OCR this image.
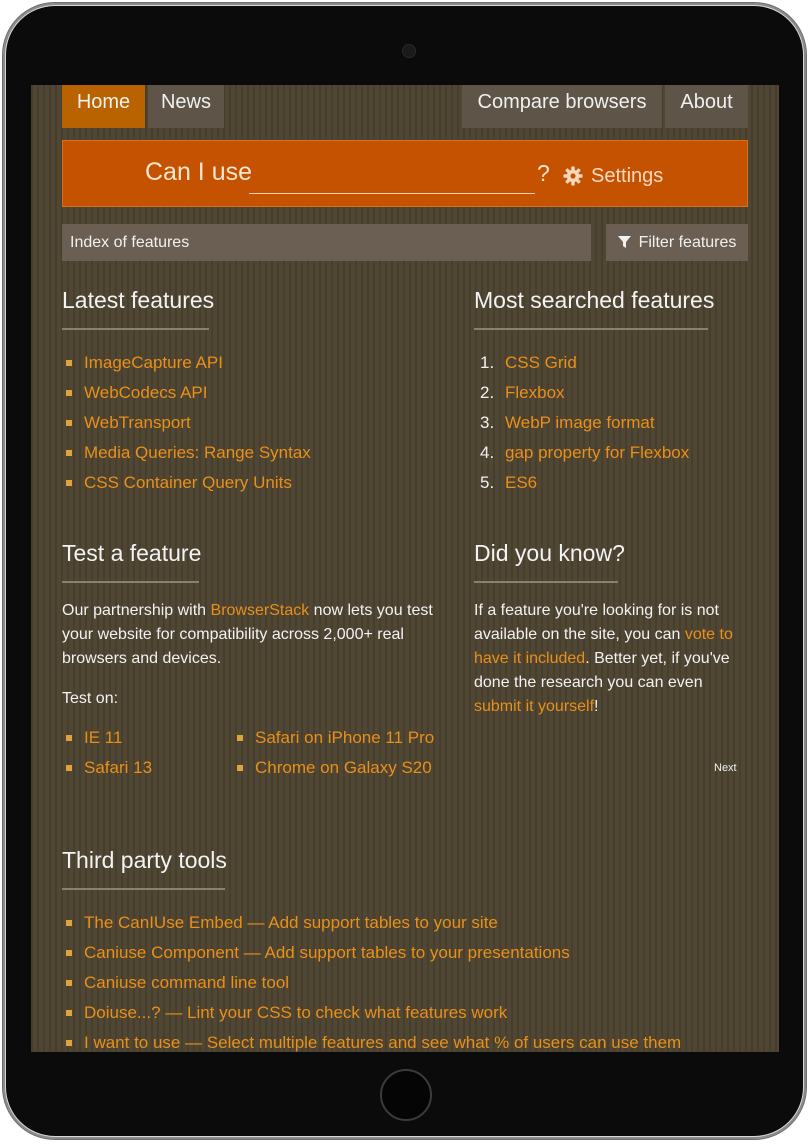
Home	News	Compare browsers	About
Can I use	? Settings
Index of features	Filter features
Latest features
ImageCapture API
WebCodecs API
WebTransport
Media Queries: Range Syntax
CSS Container Query Units
Most searched features
1. CSS Grid
2. Flexbox
3. WebP image format
4. gap property for Flexbox
5. ES6
Test a feature
Our partnership with BrowserStack now lets you test your website for compatibility across 2,000+ real browsers and devices.
Test on:
IE 11
Safari 13
Safari on iPhone 11 Pro
Chrome on Galaxy S20
Did you know?
If a feature you're looking for is not available on the site, you can vote to have it included. Better yet, if you've done the research you can even submit it yourself!
Next
Third party tools
The CanIUse Embed — Add support tables to your site
Caniuse Component — Add support tables to your presentations
Caniuse command line tool
Doiuse...? — Lint your CSS to check what features work
I want to use — Select multiple features and see what % of users can use them
